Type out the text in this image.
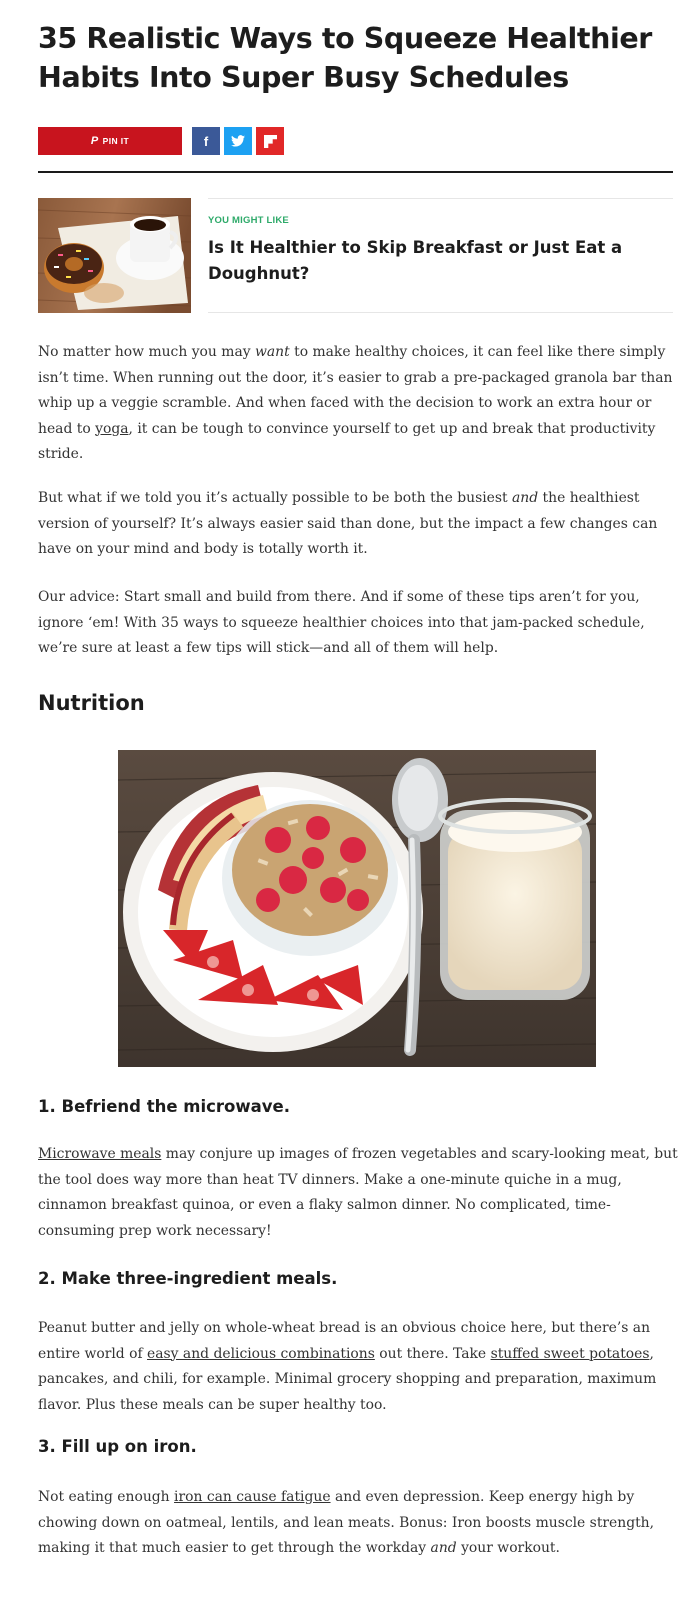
35 Realistic Ways to Squeeze Healthier Habits Into Super Busy Schedules
P PIN IT	f
YOU MIGHT LIKE
Is It Healthier to Skip Breakfast or Just Eat a Doughnut?

No matter how much you may want to make healthy choices, it can feel like there simply isn’t time. When running out the door, it’s easier to grab a pre-packaged granola bar than whip up a veggie scramble. And when faced with the decision to work an extra hour or head to yoga, it can be tough to convince yourself to get up and break that productivity stride.

But what if we told you it’s actually possible to be both the busiest and the healthiest version of yourself? It’s always easier said than done, but the impact a few changes can have on your mind and body is totally worth it.

Our advice: Start small and build from there. And if some of these tips aren’t for you, ignore ‘em! With 35 ways to squeeze healthier choices into that jam-packed schedule, we’re sure at least a few tips will stick—and all of them will help.

Nutrition
1. Befriend the microwave.

Microwave meals may conjure up images of frozen vegetables and scary-looking meat, but the tool does way more than heat TV dinners. Make a one-minute quiche in a mug, cinnamon breakfast quinoa, or even a flaky salmon dinner. No complicated, time-consuming prep work necessary!

2. Make three-ingredient meals.

Peanut butter and jelly on whole-wheat bread is an obvious choice here, but there’s an entire world of easy and delicious combinations out there. Take stuffed sweet potatoes, pancakes, and chili, for example. Minimal grocery shopping and preparation, maximum flavor. Plus these meals can be super healthy too.

3. Fill up on iron.

Not eating enough iron can cause fatigue and even depression. Keep energy high by chowing down on oatmeal, lentils, and lean meats. Bonus: Iron boosts muscle strength, making it that much easier to get through the workday and your workout.
